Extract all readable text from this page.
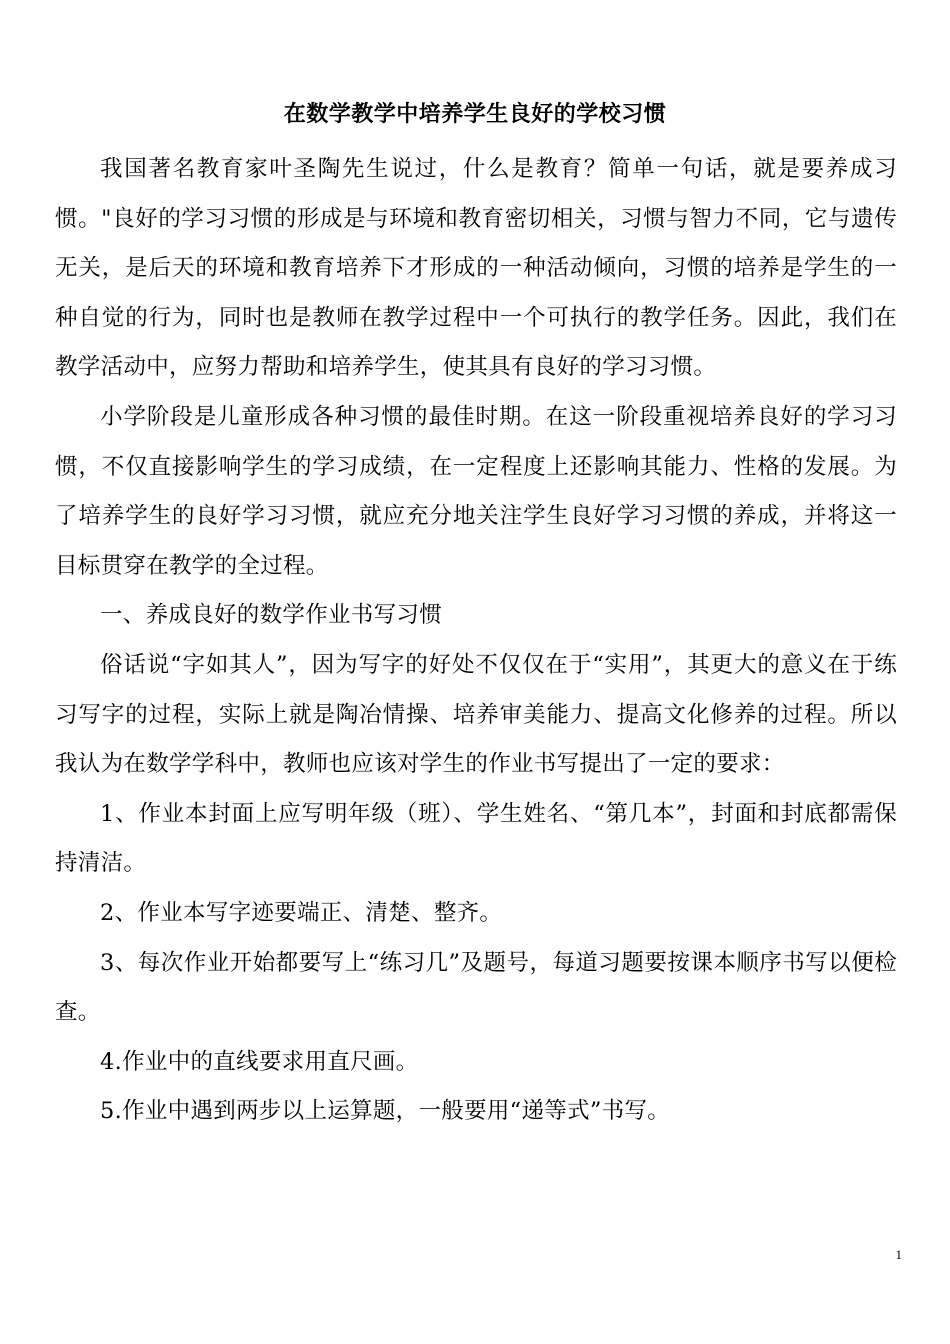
在数学教学中培养学生良好的学校习惯

我国著名教育家叶圣陶先生说过，什么是教育？简单一句话，就是要养成习惯。"良好的学习习惯的形成是与环境和教育密切相关，习惯与智力不同，它与遗传无关，是后天的环境和教育培养下才形成的一种活动倾向，习惯的培养是学生的一种自觉的行为，同时也是教师在教学过程中一个可执行的教学任务。因此，我们在教学活动中，应努力帮助和培养学生，使其具有良好的学习习惯。

小学阶段是儿童形成各种习惯的最佳时期。在这一阶段重视培养良好的学习习惯，不仅直接影响学生的学习成绩，在一定程度上还影响其能力、性格的发展。为了培养学生的良好学习习惯，就应充分地关注学生良好学习习惯的养成，并将这一目标贯穿在教学的全过程。

一、养成良好的数学作业书写习惯

俗话说“字如其人”，因为写字的好处不仅仅在于“实用”，其更大的意义在于练习写字的过程，实际上就是陶冶情操、培养审美能力、提高文化修养的过程。所以我认为在数学学科中，教师也应该对学生的作业书写提出了一定的要求：

1、作业本封面上应写明年级（班）、学生姓名、“第几本”，封面和封底都需保持清洁。

2、作业本写字迹要端正、清楚、整齐。

3、每次作业开始都要写上“练习几”及题号，每道习题要按课本顺序书写以便检查。

4.作业中的直线要求用直尺画。

5.作业中遇到两步以上运算题，一般要用“递等式”书写。

1
